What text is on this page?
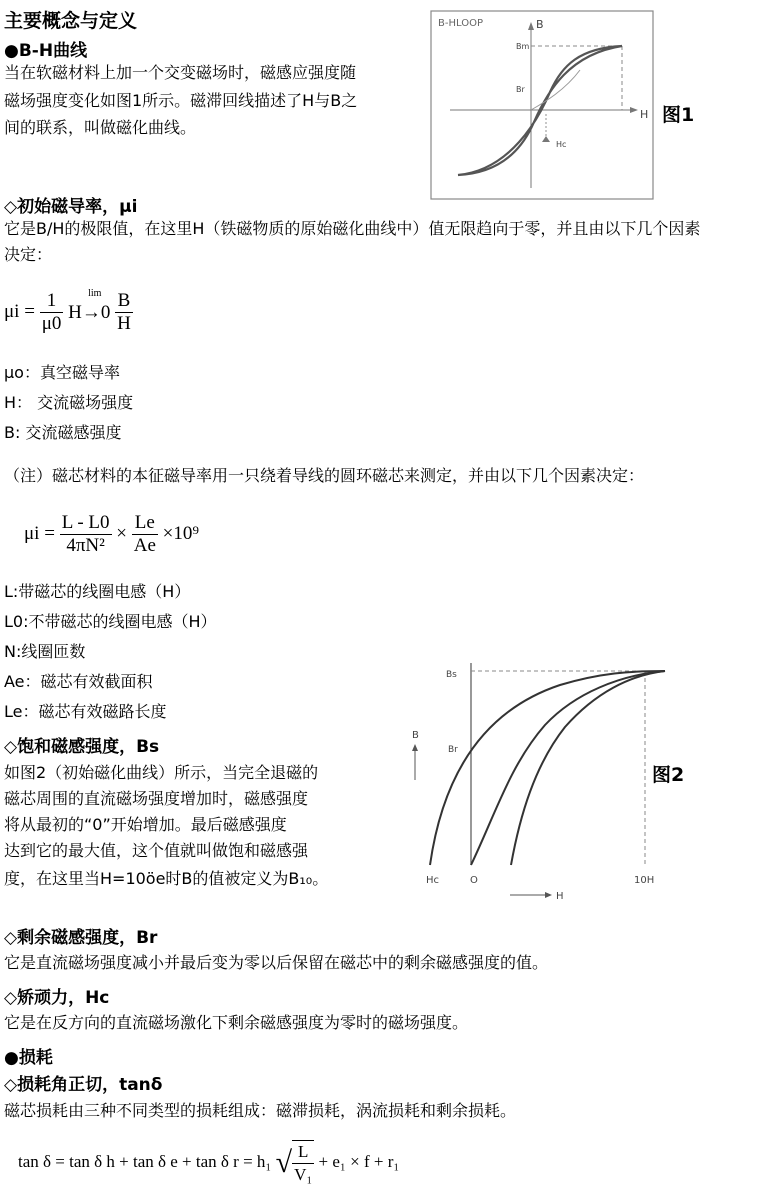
主要概念与定义
●B-H曲线
当在软磁材料上加一个交变磁场时，磁感应强度随
磁场强度变化如图1所示。磁滞回线描述了H与B之
间的联系，叫做磁化曲线。
B-HLOOP	B
H
Bm
Br
Hc
图1
◇初始磁导率，μi
它是B/H的极限值，在这里H（铁磁物质的原始磁化曲线中）值无限趋向于零，并且由以下几个因素
决定：
$\mu i = \frac{1}{\mu 0}$
lim
$H\to 0 \frac{B}{H}$
μo：真空磁导率
H： 交流磁场强度
B: 交流磁感强度
（注）磁芯材料的本征磁导率用一只绕着导线的圆环磁芯来测定，并由以下几个因素决定：
$\mu i = \frac{L - L0}{\text{4πN²}} \times \frac{Le}{Ae} \times 10^9$
L:带磁芯的线圈电感（H）
L0:不带磁芯的线圈电感（H）
N:线圈匝数
Ae：磁芯有效截面积
Le：磁芯有效磁路长度
◇饱和磁感强度，Bs
如图2（初始磁化曲线）所示，当完全退磁的
磁芯周围的直流磁场强度增加时，磁感强度
将从最初的“0”开始增加。最后磁感强度
达到它的最大值，这个值就叫做饱和磁感强
度，在这里当H=10öe时B的值被定义为B₁₀。
Bs
Br
B
Hc	O	10H
H
图2
◇剩余磁感强度，Br
它是直流磁场强度减小并最后变为零以后保留在磁芯中的剩余磁感强度的值。
◇矫顽力，Hc
它是在反方向的直流磁场激化下剩余磁感强度为零时的磁场强度。
●损耗
◇损耗角正切，tanδ
磁芯损耗由三种不同类型的损耗组成：磁滞损耗，涡流损耗和剩余损耗。
tan δ = tan δ h + tan δ e + tan δ r = h₁ √ $\frac{L}{\text{V₁}} + e_1 \times f + r_1$
